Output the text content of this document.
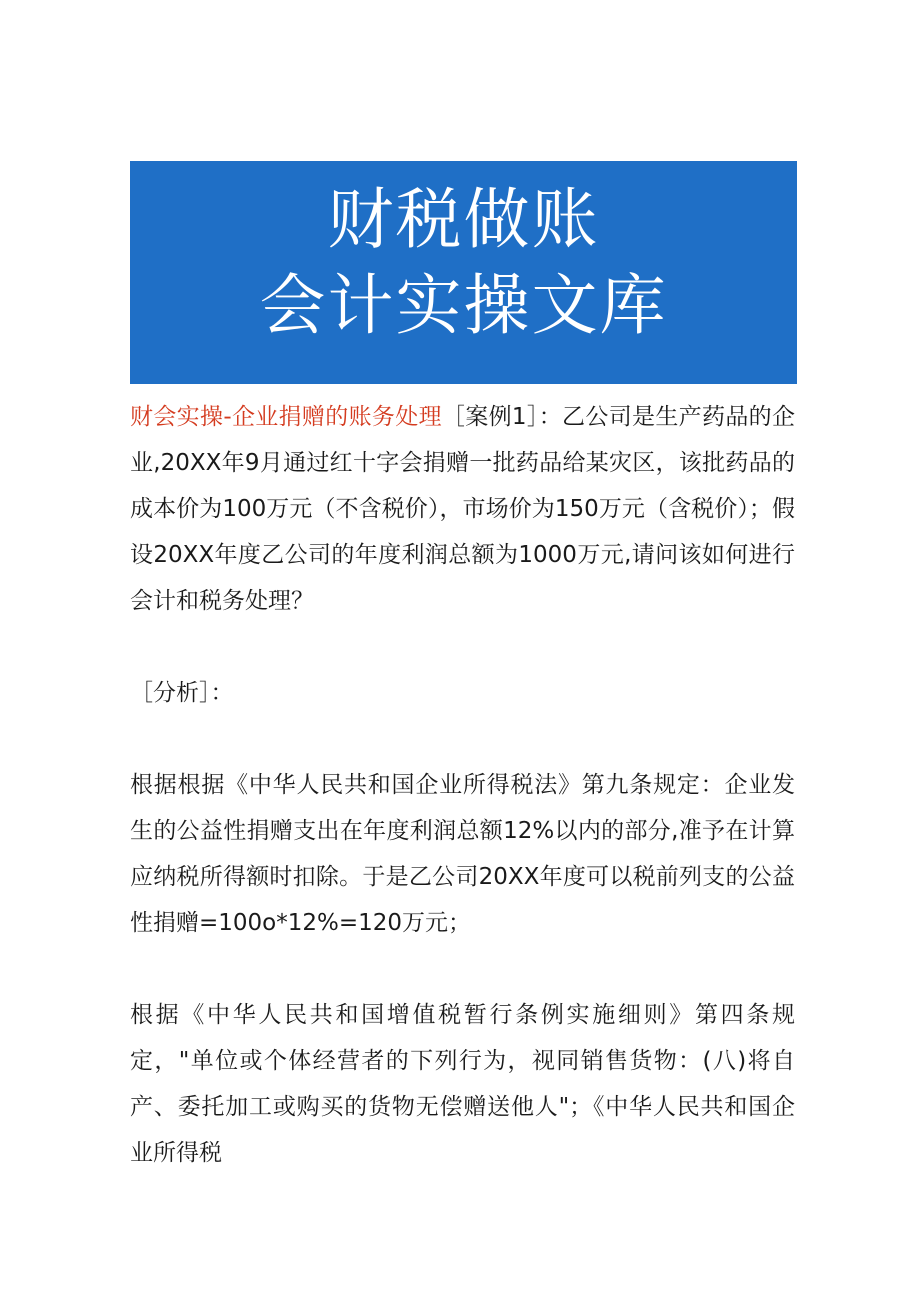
财税做账
会计实操文库

财会实操-企业捐赠的账务处理［案例1］：乙公司是生产药品的企业,20XX年9月通过红十字会捐赠一批药品给某灾区，该批药品的成本价为100万元（不含税价），市场价为150万元（含税价）；假设20XX年度乙公司的年度利润总额为1000万元,请问该如何进行会计和税务处理？

［分析］：

根据根据《中华人民共和国企业所得税法》第九条规定：企业发生的公益性捐赠支出在年度利润总额12%以内的部分,准予在计算应纳税所得额时扣除。于是乙公司20XX年度可以税前列支的公益性捐赠=100o*12%=120万元；

根据《中华人民共和国增值税暂行条例实施细则》第四条规定，"单位或个体经营者的下列行为，视同销售货物：(八)将自产、委托加工或购买的货物无偿赠送他人"；《中华人民共和国企业所得税
